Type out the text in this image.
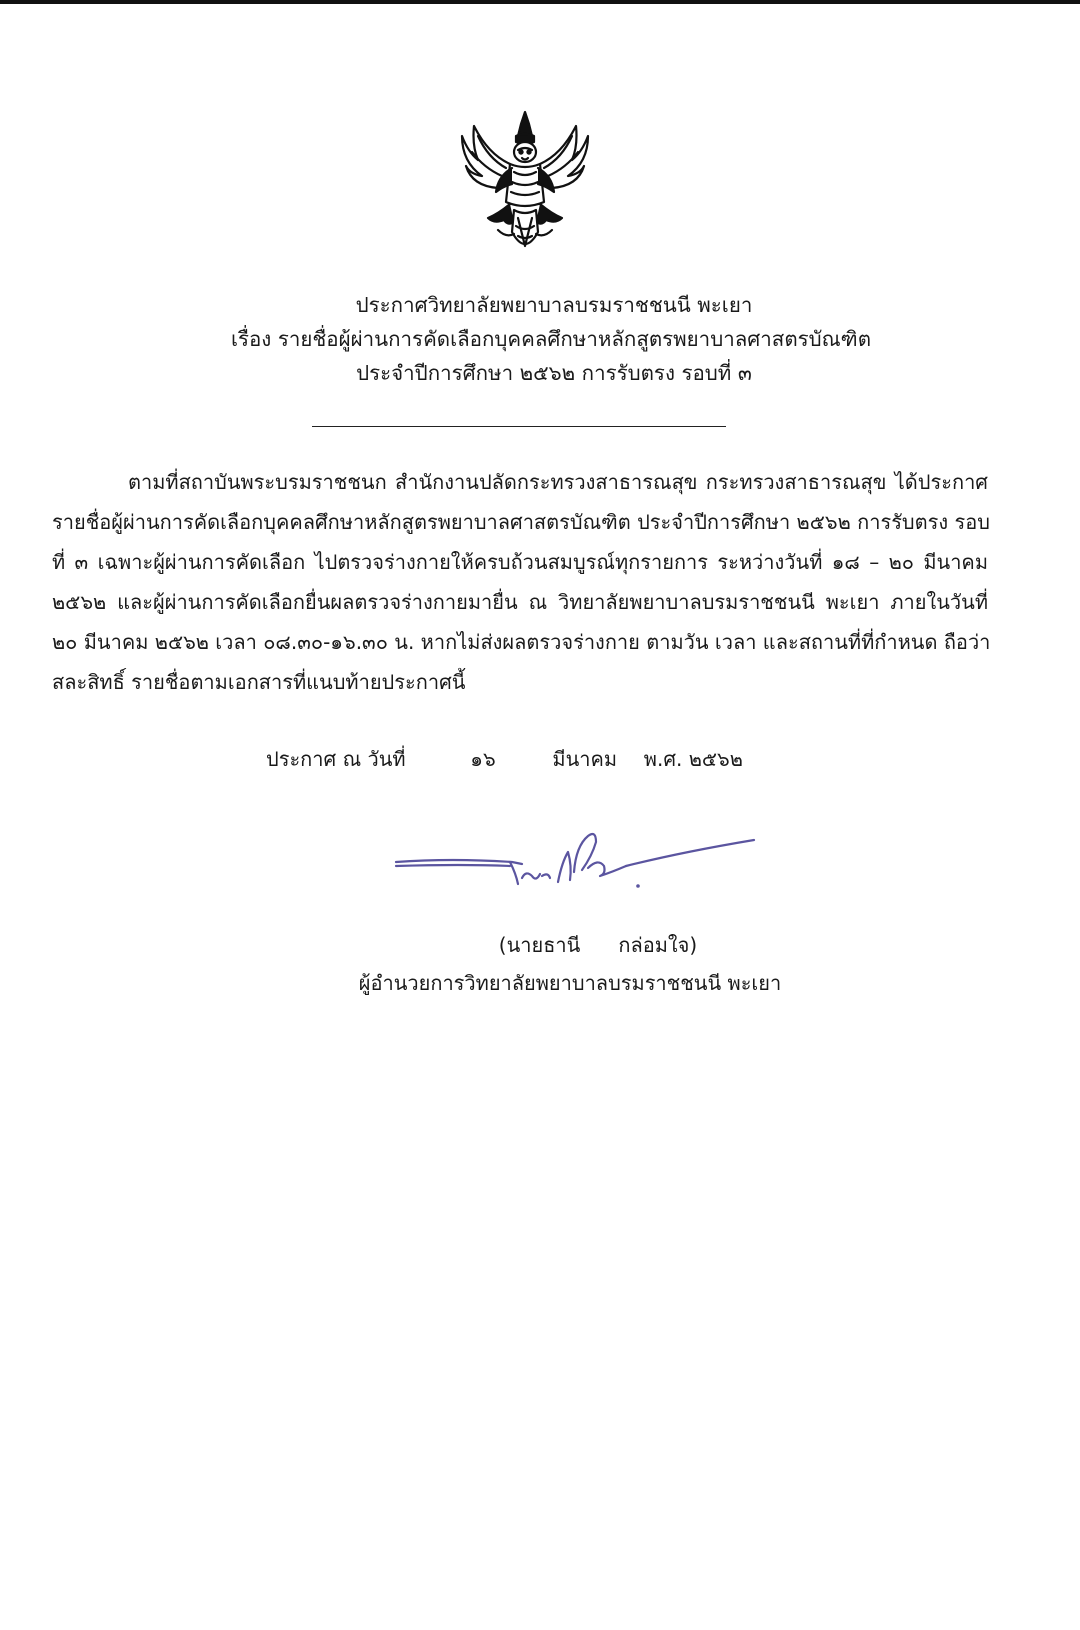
ประกาศวิทยาลัยพยาบาลบรมราชชนนี พะเยา
เรื่อง รายชื่อผู้ผ่านการคัดเลือกบุคคลศึกษาหลักสูตรพยาบาลศาสตรบัณฑิต
ประจำปีการศึกษา ๒๕๖๒ การรับตรง รอบที่ ๓
ตามที่สถาบันพระบรมราชชนก สำนักงานปลัดกระทรวงสาธารณสุข กระทรวงสาธารณสุข ได้ประกาศ
รายชื่อผู้ผ่านการคัดเลือกบุคคลศึกษาหลักสูตรพยาบาลศาสตรบัณฑิต ประจำปีการศึกษา ๒๕๖๒ การรับตรง รอบ
ที่ ๓ เฉพาะผู้ผ่านการคัดเลือก ไปตรวจร่างกายให้ครบถ้วนสมบูรณ์ทุกรายการ ระหว่างวันที่ ๑๘ – ๒๐ มีนาคม
๒๕๖๒ และผู้ผ่านการคัดเลือกยื่นผลตรวจร่างกายมายื่น ณ วิทยาลัยพยาบาลบรมราชชนนี พะเยา ภายในวันที่
๒๐ มีนาคม ๒๕๖๒ เวลา ๐๘.๓๐-๑๖.๓๐ น. หากไม่ส่งผลตรวจร่างกาย ตามวัน เวลา และสถานที่ที่กำหนด ถือว่า
สละสิทธิ์ รายชื่อตามเอกสารที่แนบท้ายประกาศนี้
ประกาศ ณ วันที่	๑๖	มีนาคม พ.ศ. ๒๕๖๒
(นายธานี กล่อมใจ)
ผู้อำนวยการวิทยาลัยพยาบาลบรมราชชนนี พะเยา
